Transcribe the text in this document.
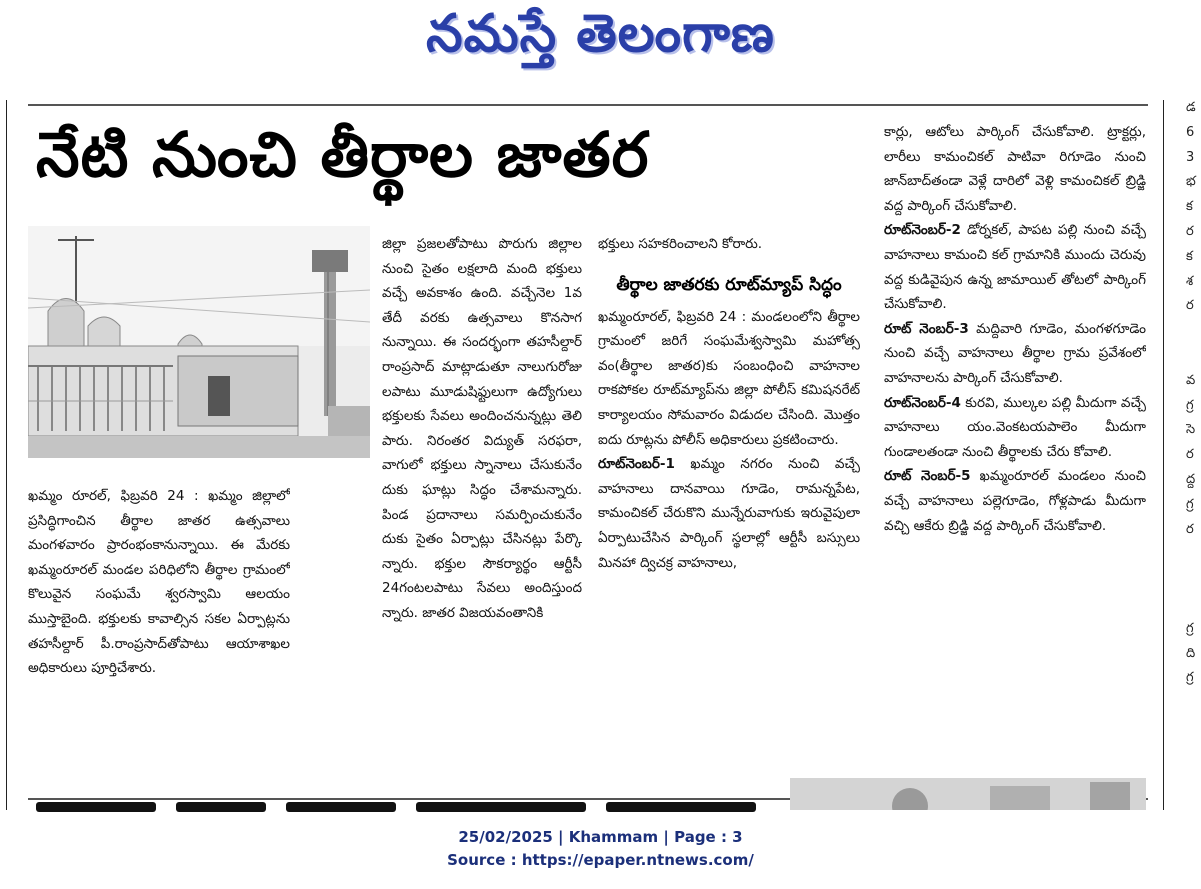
నమస్తే తెలంగాణ
నేటి నుంచి తీర్థాల జాతర

ఖమ్మం రూరల్, ఫిబ్రవరి 24 : ఖమ్మం జిల్లాలో ప్రసిద్ధిగాంచిన తీర్థాల జాతర ఉత్సవాలు మంగళవారం ప్రారంభంకానున్నాయి. ఈ మేరకు ఖమ్మంరూరల్ మండల పరిధిలోని తీర్థాల గ్రామంలో కొలువైన సంఘమే శ్వరస్వామి ఆలయం ముస్తాబైంది. భక్తులకు కావాల్సిన సకల ఏర్పాట్లను తహసీల్దార్ పీ.రాంప్రసాద్‌తోపాటు ఆయాశాఖల అధికారులు పూర్తిచేశారు.

జిల్లా ప్రజలతోపాటు పొరుగు జిల్లాల నుంచి సైతం లక్షలాది మంది భక్తులు వచ్చే అవకాశం ఉంది. వచ్చేనెల 1వ తేదీ వరకు ఉత్సవాలు కొనసాగ నున్నాయి. ఈ సందర్భంగా తహసీల్దార్ రాంప్రసాద్ మాట్లాడుతూ నాలుగురోజు లపాటు మూడుషిఫ్టులుగా ఉద్యోగులు భక్తులకు సేవలు అందించనున్నట్లు తెలి పారు. నిరంతర విద్యుత్ సరఫరా, వాగులో భక్తులు స్నానాలు చేసుకునేం దుకు ఘాట్లు సిద్ధం చేశామన్నారు. పిండ ప్రదానాలు సమర్పించుకునేం దుకు సైతం ఏర్పాట్లు చేసినట్లు పేర్కొ న్నారు. భక్తుల సౌకర్యార్థం ఆర్టీసీ 24గంటలపాటు సేవలు అందిస్తుంద న్నారు. జాతర విజయవంతానికి

భక్తులు సహకరించాలని కోరారు.

తీర్థాల జాతరకు రూట్‌మ్యాప్ సిద్ధం

ఖమ్మంరూరల్, ఫిబ్రవరి 24 : మండలంలోని తీర్థాల గ్రామంలో జరిగే సంఘమేశ్వస్వామి మహోత్స వం(తీర్థాల జాతర)కు సంబంధించి వాహనాల రాకపోకల రూట్‌మ్యాప్‌ను జిల్లా పోలీస్ కమిషనరేట్ కార్యాలయం సోమవారం విడుదల చేసింది. మొత్తం ఐదు రూట్లను పోలీస్ అధికారులు ప్రకటించారు.

రూట్‌నెంబర్-1 ఖమ్మం నగరం నుంచి వచ్చే వాహనాలు దానవాయి గూడెం, రామన్నపేట, కామంచికల్ చేరుకొని మున్నేరువాగుకు ఇరువైపులా ఏర్పాటుచేసిన పార్కింగ్ స్థలాల్లో ఆర్టీసీ బస్సులు మినహా ద్విచక్ర వాహనాలు,

కార్లు, ఆటోలు పార్కింగ్ చేసుకోవాలి. ట్రాక్టర్లు, లారీలు కామంచికల్ పాటివా రిగూడెం నుంచి జాన్‌బాద్‌తండా వెళ్లే దారిలో వెళ్లి కామంచికల్ బ్రిడ్జి వద్ద పార్కింగ్ చేసుకోవాలి.

రూట్‌నెంబర్-2 డోర్నకల్, పాపట పల్లి నుంచి వచ్చే వాహనాలు కామంచి కల్ గ్రామానికి ముందు చెరువు వద్ద కుడివైపున ఉన్న జామాయిల్ తోటలో పార్కింగ్ చేసుకోవాలి.

రూట్ నెంబర్-3 మద్దివారి గూడెం, మంగళగూడెం నుంచి వచ్చే వాహనాలు తీర్థాల గ్రామ ప్రవేశంలో వాహనాలను పార్కింగ్ చేసుకోవాలి.

రూట్‌నెంబర్-4 కురవి, ముల్కల పల్లి మీదుగా వచ్చే వాహనాలు యం.వెంకటయపాలెం మీదుగా గుండాలతండా నుంచి తీర్థాలకు చేరు కోవాలి.

రూట్ నెంబర్-5 ఖమ్మంరూరల్ మండలం నుంచి వచ్చే వాహనాలు పల్లెగూడెం, గోళ్లపాడు మీదుగా వచ్చి ఆకేరు బ్రిడ్జి వద్ద పార్కింగ్ చేసుకోవాలి.

డ
6
3
భ
క
ర
క
శ
ర

వ
గ్ర
సె
ర
ద్ద
గ్ర
ర

గ్ర
ది
గ్ర
25/02/2025 | Khammam | Page : 3
Source : https://epaper.ntnews.com/
